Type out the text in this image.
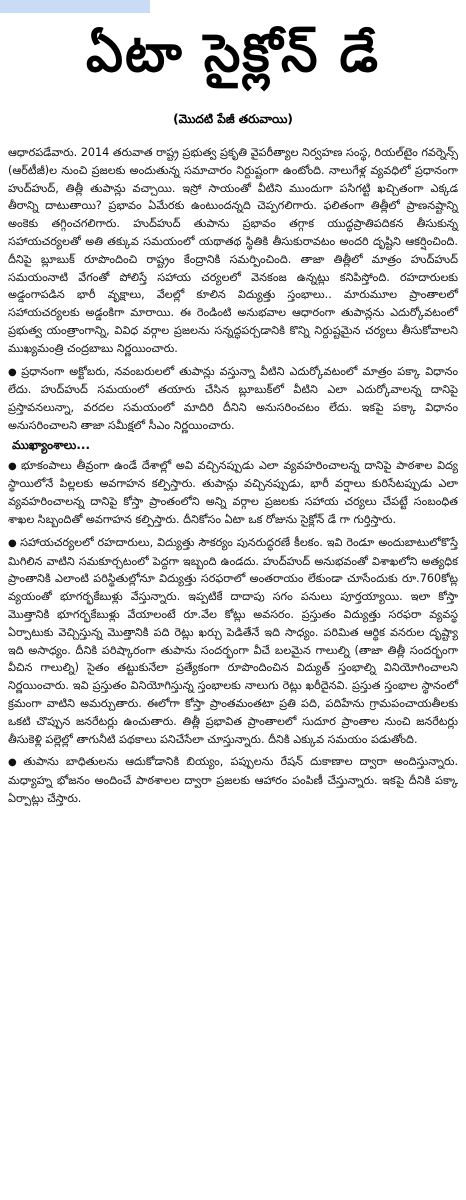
ఏటా సైక్లోన్ డే
(మొదటి పేజీ తరువాయి)

ఆధారపడేవారు. 2014 తరువాత రాష్ట్ర ప్రభుత్వ ప్రకృతి వైపరీత్యాల నిర్వహణ సంస్థ, రియల్‌టైం గవర్నెన్స్ (ఆర్‌టీజీ)ల నుంచి ప్రజలకు అందుతున్న సమాచారం నిర్దుష్టంగా ఉంటోంది. నాలుగేళ్ల వ్యవధిలో ప్రధానంగా హుద్‌హుద్, తిత్లీ తుపాన్లు వచ్చాయి. ఇస్రో సాయంతో వీటిని ముందుగా పసిగట్టి ఖచ్చితంగా ఎక్కడ తీరాన్ని దాటుతాయి? ప్రభావం ఏమేరకు ఉంటుందన్నది చెప్పగలిగారు. ఫలితంగా తిత్లీలో ప్రాణనష్టాన్ని అంకెకు తగ్గించగలిగారు. హుద్‌హుద్ తుపాను ప్రభావం తగ్గాక యుద్ధప్రాతిపదికన తీసుకున్న సహాయచర్యలతో అతి తక్కువ సమయంలో యథాతథ స్థితికి తీసుకురావటం అందరి దృష్టిని ఆకర్షించింది. దీనిపై బ్లూబుక్ రూపొందించి రాష్ట్రం కేంద్రానికి సమర్పించింది. తాజా తిత్లీలో మాత్రం హుద్‌హుద్ సమయంనాటి వేగంతో పోలిస్తే సహాయ చర్యలలో వెనకంజ ఉన్నట్లు కనిపిస్తోంది. రహదారులకు అడ్డంగాపడిన భారీ వృక్షాలు, వేలల్లో కూలిన విద్యుత్తు స్తంభాలు.. మారుమూల ప్రాంతాలలో సహాయచర్యలకు అడ్డంకిగా మారాయి. ఈ రెండింటి అనుభవాల ఆధారంగా తుపాన్లను ఎదుర్కోవటంలో ప్రభుత్వ యంత్రాంగాన్ని, వివిధ వర్గాల ప్రజలను సన్నద్ధపర్చడానికి కొన్ని నిర్దుష్టమైన చర్యలు తీసుకోవాలని ముఖ్యమంత్రి చంద్రబాబు నిర్ణయించారు.

● ప్రధానంగా అక్టోబరు, నవంబరులలో తుపాన్లు వస్తున్నా వీటిని ఎదుర్కోవటంలో మాత్రం పక్కా విధానం లేదు. హుద్‌హుద్ సమయంలో తయారు చేసిన బ్లూబుక్‌లో వీటిని ఎలా ఎదుర్కోవాలన్న దానిపై ప్రస్తావనలున్నా, వరదల సమయంలో మాదిరి దీనిని అనుసరించటం లేదు. ఇకపై పక్కా విధానం అనుసరించాలని తాజా సమీక్షలో సీఎం నిర్ణయించారు.

ముఖ్యాంశాలు...

● భూకంపాలు తీవ్రంగా ఉండే దేశాల్లో అవి వచ్చినప్పుడు ఎలా వ్యవహరించాలన్న దానిపై పాఠశాల విద్య స్థాయిలోనే పిల్లలకు అవగాహన కల్పిస్తారు. తుపాన్లు వచ్చినప్పుడు, భారీ వర్షాలు కురిసేటప్పుడు ఎలా వ్యవహరించాలన్న దానిపై కోస్తా ప్రాంతంలోని అన్ని వర్గాల ప్రజలకు సహాయ చర్యలు చేపట్టే సంబంధిత శాఖల సిబ్బందితో అవగాహన కల్పిస్తారు. దీనికోసం ఏటా ఒక రోజును సైక్లోన్ డే గా గుర్తిస్తారు.

● సహాయచర్యలలో రహదారులు, విద్యుత్తు సౌకర్యం పునరుద్ధరణే కీలకం. ఇవి రెండూ అందుబాటులోకొస్తే మిగిలిన వాటిని సమకూర్చటంలో పెద్దగా ఇబ్బంది ఉండదు. హుద్‌హుద్ అనుభవంతో విశాఖలోని అత్యధిక ప్రాంతానికి ఎలాంటి పరిస్థితుల్లోనూ విద్యుత్తు సరఫరాలో అంతరాయం లేకుండా చూసేందుకు రూ.760కోట్ల వ్యయంతో భూగర్భకేబుళ్లు వేస్తున్నారు. ఇప్పటికే దాదాపు సగం పనులు పూర్తయ్యాయి. ఇలా కోస్తా మొత్తానికి భూగర్భకేబుళ్లు వేయాలంటే రూ.వేల కోట్లు అవసరం. ప్రస్తుతం విద్యుత్తు సరఫరా వ్యవస్థ ఏర్పాటుకు వెచ్చిస్తున్న మొత్తానికి పది రెట్లు ఖర్చు పెడితేనే ఇది సాధ్యం. పరిమిత ఆర్థిక వనరుల దృష్ట్యా ఇది అసాధ్యం. దీనికి పరిష్కారంగా తుపాను సందర్భంగా వీచే బలమైన గాలుల్ని (తాజా తిత్లీ సందర్భంగా వీచిన గాలుల్ని) సైతం తట్టుకునేలా ప్రత్యేకంగా రూపొందించిన విద్యుత్ స్తంభాల్ని వినియోగించాలని నిర్ణయించారు. ఇవి ప్రస్తుతం వినియోగిస్తున్న స్తంభాలకు నాలుగు రెట్లు ఖరీదైనవి. ప్రస్తుత స్తంభాల స్థానంలో క్రమంగా వాటిని అమర్చుతారు. ఈలోగా కోస్తా ప్రాంతమంతటా ప్రతి పది, పదిహేను గ్రామపంచాయతీలకు ఒకటి చొప్పున జనరేటర్లు ఉంచుతారు. తిత్లీ ప్రభావిత ప్రాంతాలలో సుదూర ప్రాంతాల నుంచి జనరేటర్లు తీసుకెళ్లి పల్లెల్లో తాగునీటి పథకాలు పనిచేసేలా చూస్తున్నారు. దీనికి ఎక్కువ సమయం పడుతోంది.

● తుపాను బాధితులను ఆదుకోడానికి బియ్యం, పప్పులను రేషన్ దుకాణాల ద్వారా అందిస్తున్నారు. మధ్యాహ్న భోజనం అందించే పాఠశాలల ద్వారా ప్రజలకు ఆహారం పంపిణీ చేస్తున్నారు. ఇకపై దీనికి పక్కా ఏర్పాట్లు చేస్తారు.
